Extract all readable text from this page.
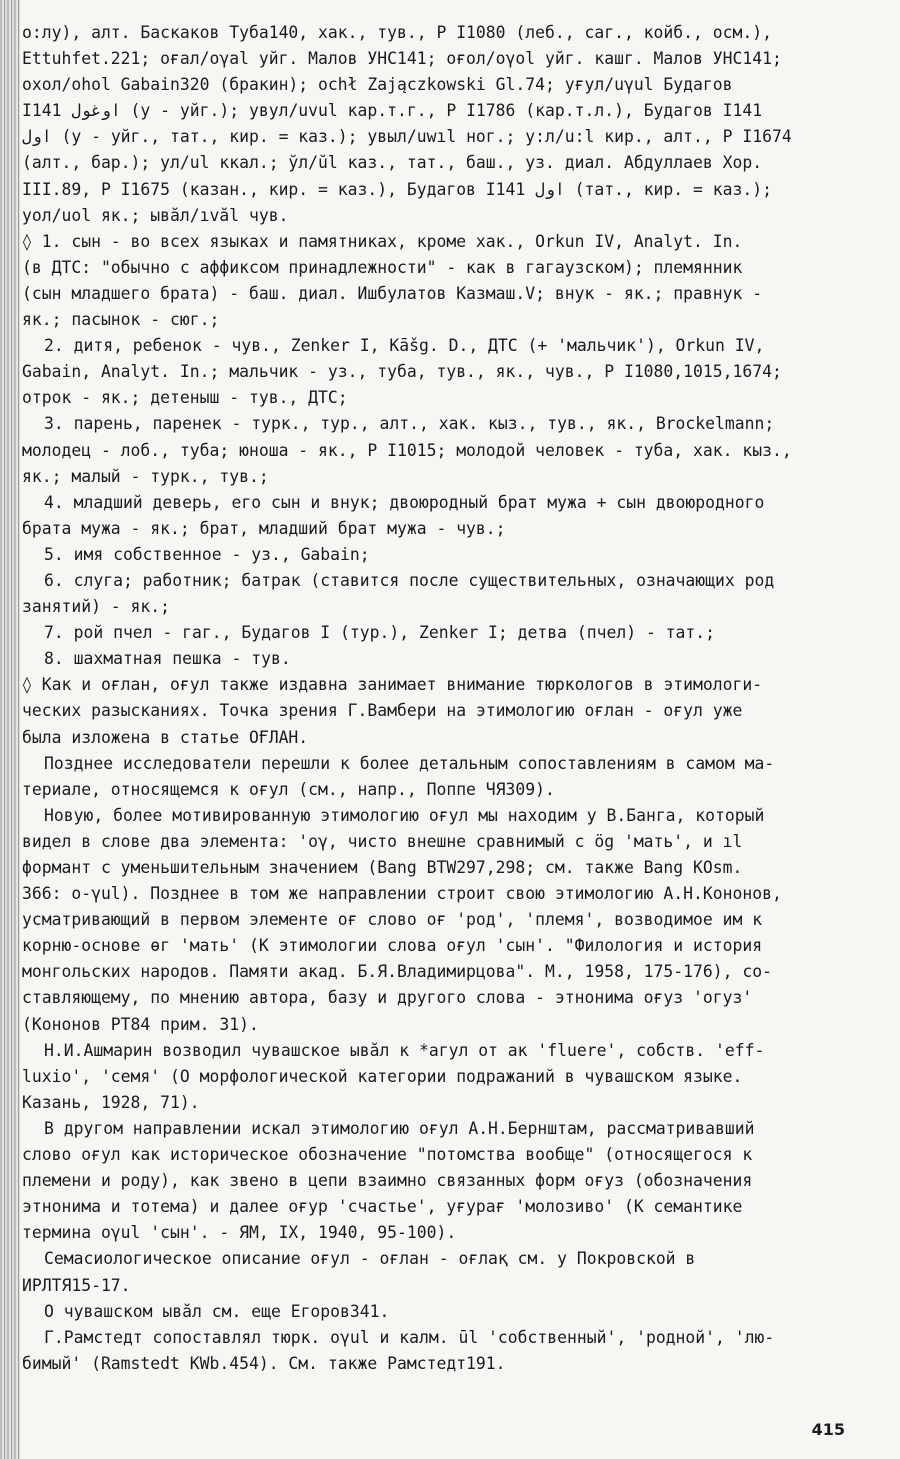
о:лу), алт. Баскаков Туба140, хак., тув., Р I1080 (леб., саг., койб., осм.),

Ettuhfet.221; о⁠ғал/oγal уйг. Малов УНС141; оғол/oγol уйг. кашг. Малов УНС141;

охол/ohol Gabain320 (бракин); ochł Zajączkowski Gl.74; уғул/uγul Будагов

I141 اوغول (у - уйг.); увул/uvul кар.т.г., Р I1786 (кар.т.л.), Будагов I141

اول (у - уйг., тат., кир. = каз.); увыл/uwıl ног.; у:л/u:l кир., алт., Р I1674

(алт., бар.); ул/ul ккал.; ўл/ŭl каз., тат., баш., уз. диал. Абдуллаев Хор.

III.89, Р I1675 (казан., кир. = каз.), Будагов I141 اول (тат., кир. = каз.);

уол/uol як.; ывăл/ıvăl чув.

◊ 1. сын - во всех языках и памятниках, кроме хак., Orkun IV, Analyt. In.

(в ДТС: "обычно с аффиксом принадлежности" - как в гагаузском); племянник

(сын младшего брата) - баш. диал. Ишбулатов Казмаш.V; внук - як.; правнук -

як.; пасынок - сюг.;

2. дитя, ребенок - чув., Zenker I, Kāšg. D., ДТС (+ 'мальчик'), Orkun IV,

Gabain, Analyt. In.; мальчик - уз., туба, тув., як., чув., Р I1080,1015,1674;

отрок - як.; детеныш - тув., ДТС;

3. парень, паренек - турк., тур., алт., хак. кыз., тув., як., Brockelmann;

молодец - лоб., туба; юноша - як., Р I1015; молодой человек - туба, хак. кыз.,

як.; малый - турк., тув.;

4. младший деверь, его сын и внук; двоюродный брат мужа + сын двоюродного

брата мужа - як.; брат, младший брат мужа - чув.;

5. имя собственное - уз., Gabain;

6. слуга; работник; батрак (ставится после существительных, означающих род

занятий) - як.;

7. рой пчел - гаг., Будагов I (тур.), Zenker I; детва (пчел) - тат.;

8. шахматная пешка - тув.

◊ Как и оғлан, оғул также издавна занимает внимание тюркологов в этимологи-

ческих разысканиях. Точка зрения Г.Вамбери на этимологию оғлан - оғул уже

была изложена в статье ОҒЛАН.

Позднее исследователи перешли к более детальным сопоставлениям в самом ма-

териале, относящемся к оғул (см., напр., Поппе ЧЯ309).

Новую, более мотивированную этимологию оғул мы находим у В.Банга, который

видел в слове два элемента: 'оγ, чисто внешне сравнимый с ög 'мать', и ıl

формант с уменьшительным значением (Bang BTW297,298; см. также Bang KOsm.

366: о-γul). Позднее в том же направлении строит свою этимологию А.Н.Кононов,

усматривающий в первом элементе оғ слово оғ 'род', 'племя', возводимое им к

корню-основе өг 'мать' (К этимологии слова оғул 'сын'. "Филология и история

монгольских народов. Памяти акад. Б.Я.Владимирцова". М., 1958, 175-176), со-

ставляющему, по мнению автора, базу и другого слова - этнонима оғуз 'огуз'

(Кононов РТ84 прим. 31).

Н.И.Ашмарин возводил чувашское ывăл к *агул от ак 'fluere', собств. 'eff-

luxio', 'семя' (О морфологической категории подражаний в чувашском языке.

Казань, 1928, 71).

В другом направлении искал этимологию оғул А.Н.Бернштам, рассматривавший

слово оғул как историческое обозначение "потомства вообще" (относящегося к

племени и роду), как звено в цепи взаимно связанных форм оғуз (обозначения

этнонима и тотема) и далее оғур 'счастье', уғурағ 'молозиво' (К семантике

термина oγul 'сын'. - ЯМ, IX, 1940, 95-100).

Семасиологическое описание оғул - оғлан - оғлақ см. у Покровской в

ИРЛТЯ15-17.

О чувашском ывăл см. еще Егоров341.

Г.Рамстедт сопоставлял тюрк. oγul и калм. ūl 'собственный', 'родной', 'лю-

бимый' (Ramstedt KWb.454). См. также Рамстедт191.

415
